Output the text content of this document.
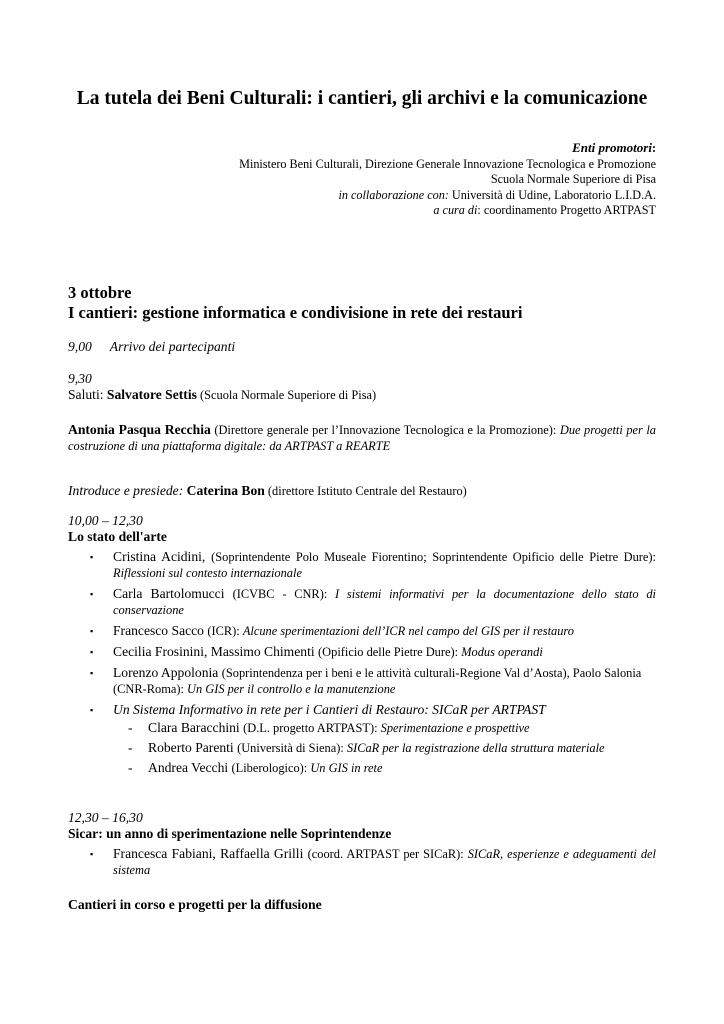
La tutela dei Beni Culturali: i cantieri, gli archivi e la comunicazione
Enti promotori:
Ministero Beni Culturali, Direzione Generale Innovazione Tecnologica e Promozione
Scuola Normale Superiore di Pisa
in collaborazione con: Università di Udine, Laboratorio L.I.D.A.
a cura di: coordinamento Progetto ARTPAST
3 ottobre
I cantieri: gestione informatica e condivisione in rete dei restauri
9,00 Arrivo dei partecipanti
9,30
Saluti: Salvatore Settis (Scuola Normale Superiore di Pisa)
Antonia Pasqua Recchia (Direttore generale per l’Innovazione Tecnologica e la Promozione): Due progetti per la costruzione di una piattaforma digitale: da ARTPAST a REARTE
Introduce e presiede: Caterina Bon (direttore Istituto Centrale del Restauro)
10,00 – 12,30
Lo stato dell'arte
▪ Cristina Acidini, (Soprintendente Polo Museale Fiorentino; Soprintendente Opificio delle Pietre Dure): Riflessioni sul contesto internazionale
▪ Carla Bartolomucci (ICVBC - CNR): I sistemi informativi per la documentazione dello stato di conservazione
▪ Francesco Sacco (ICR): Alcune sperimentazioni dell’ICR nel campo del GIS per il restauro
▪ Cecilia Frosinini, Massimo Chimenti (Opificio delle Pietre Dure): Modus operandi
▪ Lorenzo Appolonia (Soprintendenza per i beni e le attività culturali-Regione Val d’Aosta), Paolo Salonia (CNR-Roma): Un GIS per il controllo e la manutenzione
▪ Un Sistema Informativo in rete per i Cantieri di Restauro: SICaR per ARTPAST
- Clara Baracchini (D.L. progetto ARTPAST): Sperimentazione e prospettive
- Roberto Parenti (Università di Siena): SICaR per la registrazione della struttura materiale
- Andrea Vecchi (Liberologico): Un GIS in rete
12,30 – 16,30
Sicar: un anno di sperimentazione nelle Soprintendenze
▪ Francesca Fabiani, Raffaella Grilli (coord. ARTPAST per SICaR): SICaR, esperienze e adeguamenti del sistema
Cantieri in corso e progetti per la diffusione
